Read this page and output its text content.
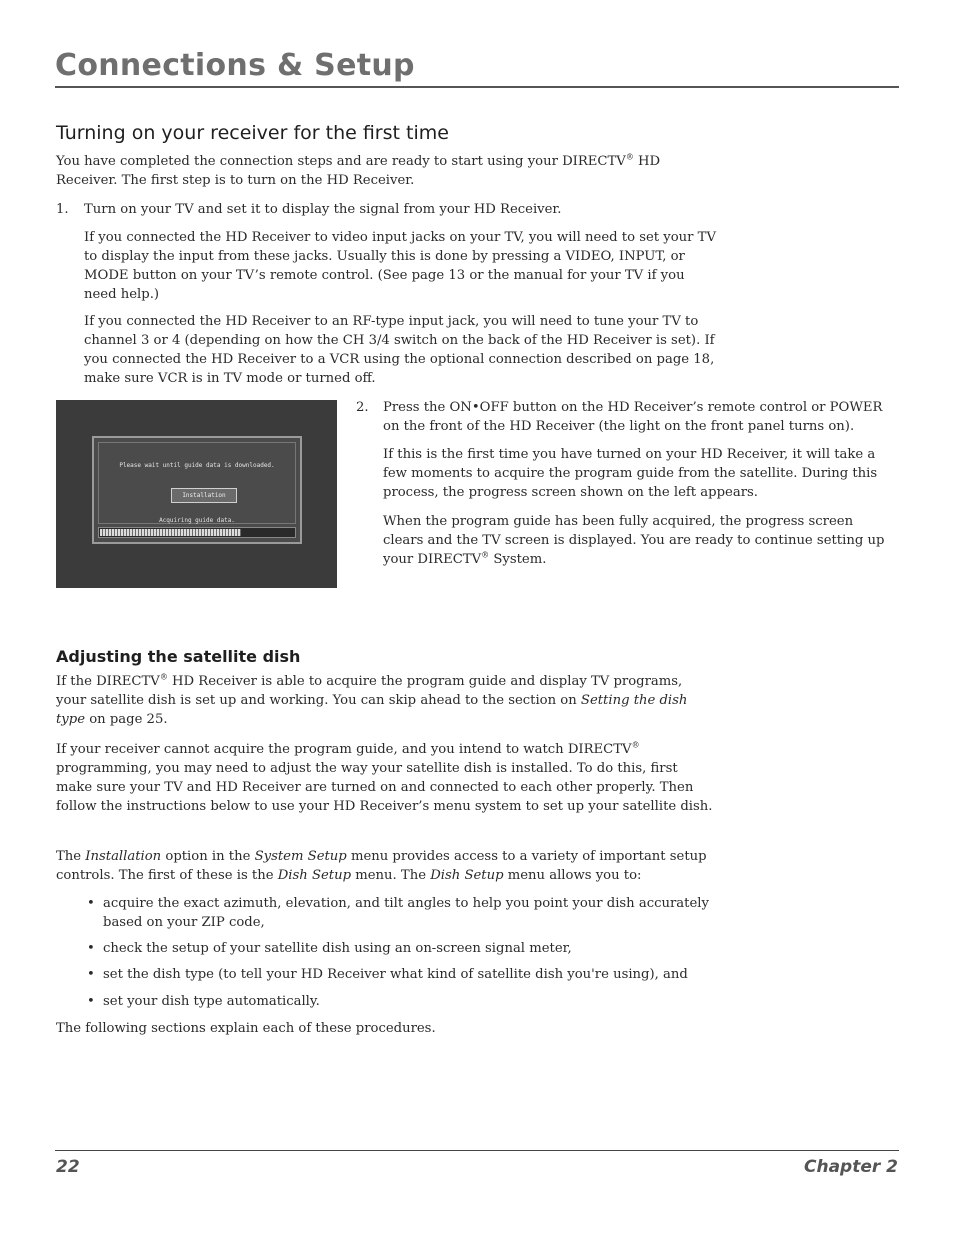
Connections & Setup
Turning on your receiver for the first time

You have completed the connection steps and are ready to start using your DIRECTV® HD Receiver. The first step is to turn on the HD Receiver.

1. Turn on your TV and set it to display the signal from your HD Receiver.

If you connected the HD Receiver to video input jacks on your TV, you will need to set your TV to display the input from these jacks. Usually this is done by pressing a VIDEO, INPUT, or MODE button on your TV’s remote control. (See page 13 or the manual for your TV if you need help.)

If you connected the HD Receiver to an RF-type input jack, you will need to tune your TV to channel 3 or 4 (depending on how the CH 3/4 switch on the back of the HD Receiver is set). If you connected the HD Receiver to a VCR using the optional connection described on page 18, make sure VCR is in TV mode or turned off.

Please wait until guide data is downloaded.
Installation
Acquiring guide data.
2. Press the ON•OFF button on the HD Receiver’s remote control or POWER on the front of the HD Receiver (the light on the front panel turns on).

If this is the first time you have turned on your HD Receiver, it will take a few moments to acquire the program guide from the satellite. During this process, the progress screen shown on the left appears.

When the program guide has been fully acquired, the progress screen clears and the TV screen is displayed. You are ready to continue setting up your DIRECTV® System.

Adjusting the satellite dish

If the DIRECTV® HD Receiver is able to acquire the program guide and display TV programs, your satellite dish is set up and working. You can skip ahead to the section on Setting the dish type on page 25.

If your receiver cannot acquire the program guide, and you intend to watch DIRECTV® programming, you may need to adjust the way your satellite dish is installed. To do this, first make sure your TV and HD Receiver are turned on and connected to each other properly. Then follow the instructions below to use your HD Receiver’s menu system to set up your satellite dish.

The Installation option in the System Setup menu provides access to a variety of important setup controls. The first of these is the Dish Setup menu. The Dish Setup menu allows you to:

• acquire the exact azimuth, elevation, and tilt angles to help you point your dish accurately based on your ZIP code,

• check the setup of your satellite dish using an on-screen signal meter,

• set the dish type (to tell your HD Receiver what kind of satellite dish you're using), and

• set your dish type automatically.

The following sections explain each of these procedures.

22	Chapter 2
